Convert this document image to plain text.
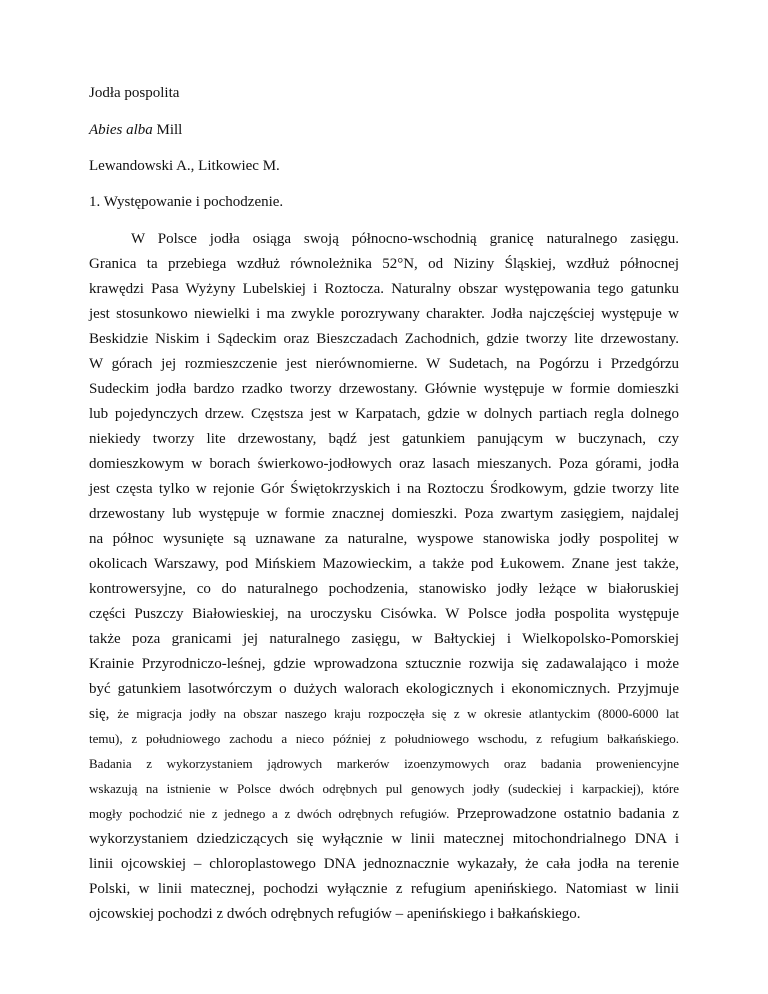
Jodła pospolita
Abies alba Mill
Lewandowski A., Litkowiec M.
1. Występowanie i pochodzenie.
W Polsce jodła osiąga swoją północno-wschodnią granicę naturalnego zasięgu.
Granica ta przebiega wzdłuż równoleżnika 52°N, od Niziny Śląskiej, wzdłuż północnej
krawędzi Pasa Wyżyny Lubelskiej i Roztocza. Naturalny obszar występowania tego gatunku
jest stosunkowo niewielki i ma zwykle porozrywany charakter. Jodła najczęściej występuje w
Beskidzie Niskim i Sądeckim oraz Bieszczadach Zachodnich, gdzie tworzy lite drzewostany.
W górach jej rozmieszczenie jest nierównomierne. W Sudetach, na Pogórzu i Przedgórzu
Sudeckim jodła bardzo rzadko tworzy drzewostany. Głównie występuje w formie domieszki
lub pojedynczych drzew. Częstsza jest w Karpatach, gdzie w dolnych partiach regla dolnego
niekiedy tworzy lite drzewostany, bądź jest gatunkiem panującym w buczynach, czy
domieszkowym w borach świerkowo-jodłowych oraz lasach mieszanych. Poza górami, jodła
jest częsta tylko w rejonie Gór Świętokrzyskich i na Roztoczu Środkowym, gdzie tworzy lite
drzewostany lub występuje w formie znacznej domieszki. Poza zwartym zasięgiem, najdalej
na północ wysunięte są uznawane za naturalne, wyspowe stanowiska jodły pospolitej w
okolicach Warszawy, pod Mińskiem Mazowieckim, a także pod Łukowem. Znane jest także,
kontrowersyjne, co do naturalnego pochodzenia, stanowisko jodły leżące w białoruskiej
części Puszczy Białowieskiej, na uroczysku Cisówka. W Polsce jodła pospolita występuje
także poza granicami jej naturalnego zasięgu, w Bałtyckiej i Wielkopolsko-Pomorskiej
Krainie Przyrodniczo-leśnej, gdzie wprowadzona sztucznie rozwija się zadawalająco i może
być gatunkiem lasotwórczym o dużych walorach ekologicznych i ekonomicznych. Przyjmuje
się, że migracja jodły na obszar naszego kraju rozpoczęła się z w okresie atlantyckim (8000-6000 lat
temu), z południowego zachodu a nieco później z południowego wschodu, z refugium bałkańskiego.
Badania z wykorzystaniem jądrowych markerów izoenzymowych oraz badania proweniencyjne
wskazują na istnienie w Polsce dwóch odrębnych pul genowych jodły (sudeckiej i karpackiej), które
mogły pochodzić nie z jednego a z dwóch odrębnych refugiów. Przeprowadzone ostatnio badania z
wykorzystaniem dziedziczących się wyłącznie w linii matecznej mitochondrialnego DNA i
linii ojcowskiej – chloroplastowego DNA jednoznacznie wykazały, że cała jodła na terenie
Polski, w linii matecznej, pochodzi wyłącznie z refugium apenińskiego. Natomiast w linii
ojcowskiej pochodzi z dwóch odrębnych refugiów – apenińskiego i bałkańskiego.
